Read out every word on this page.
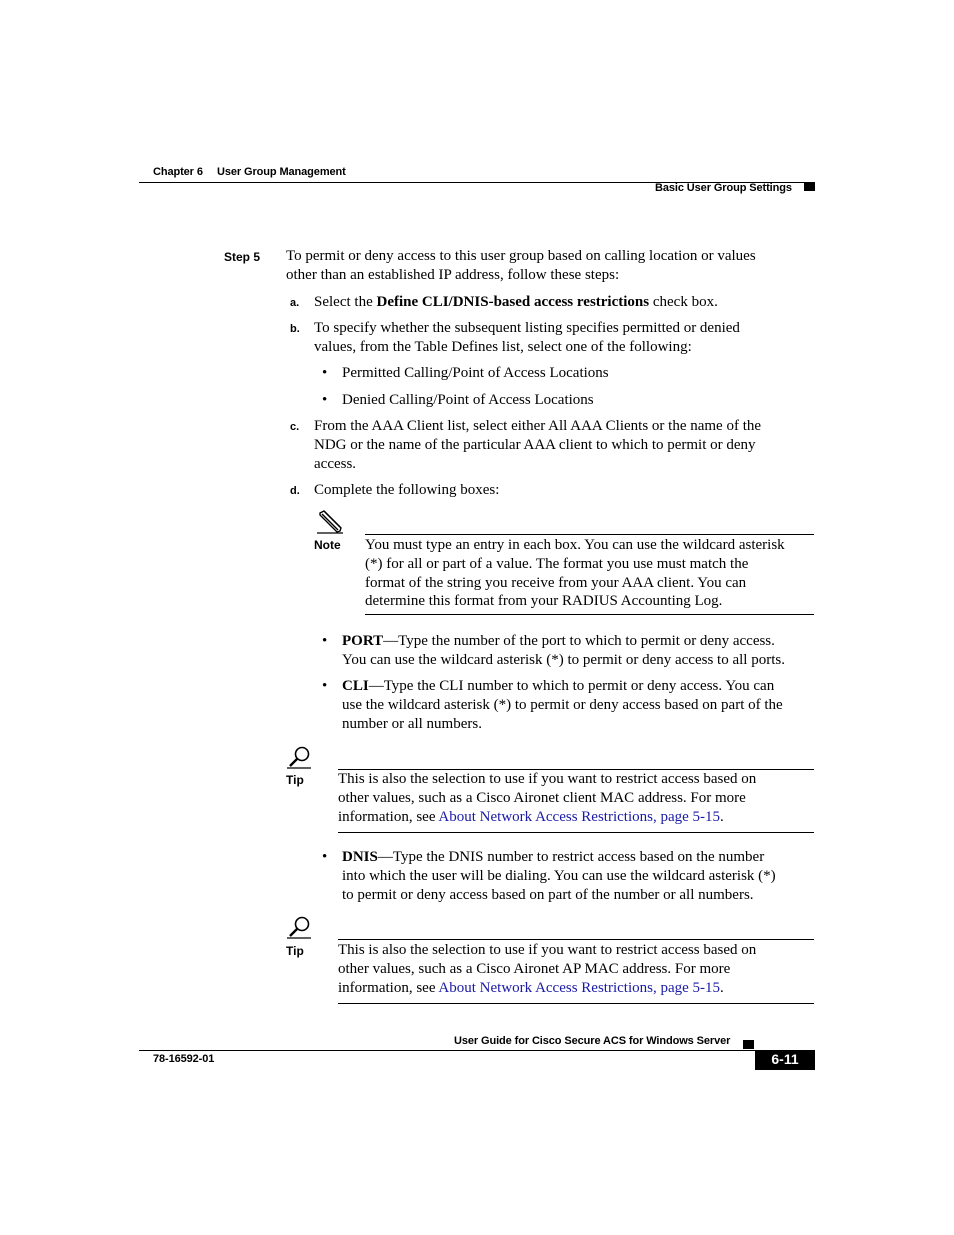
Chapter 6 User Group Management
Basic User Group Settings
Step 5 To permit or deny access to this user group based on calling location or values
other than an established IP address, follow these steps:
a. Select the Define CLI/DNIS-based access restrictions check box.
b. To specify whether the subsequent listing specifies permitted or denied
values, from the Table Defines list, select one of the following:
• Permitted Calling/Point of Access Locations
• Denied Calling/Point of Access Locations
c. From the AAA Client list, select either All AAA Clients or the name of the
NDG or the name of the particular AAA client to which to permit or deny
access.
d. Complete the following boxes:
Note You must type an entry in each box. You can use the wildcard asterisk
(*) for all or part of a value. The format you use must match the
format of the string you receive from your AAA client. You can
determine this format from your RADIUS Accounting Log.
• PORT—Type the number of the port to which to permit or deny access.
You can use the wildcard asterisk (*) to permit or deny access to all ports.
• CLI—Type the CLI number to which to permit or deny access. You can
use the wildcard asterisk (*) to permit or deny access based on part of the
number or all numbers.
Tip This is also the selection to use if you want to restrict access based on
other values, such as a Cisco Aironet client MAC address. For more
information, see About Network Access Restrictions, page 5-15.
• DNIS—Type the DNIS number to restrict access based on the number
into which the user will be dialing. You can use the wildcard asterisk (*)
to permit or deny access based on part of the number or all numbers.
Tip This is also the selection to use if you want to restrict access based on
other values, such as a Cisco Aironet AP MAC address. For more
information, see About Network Access Restrictions, page 5-15.
User Guide for Cisco Secure ACS for Windows Server
78-16592-01	6-11
